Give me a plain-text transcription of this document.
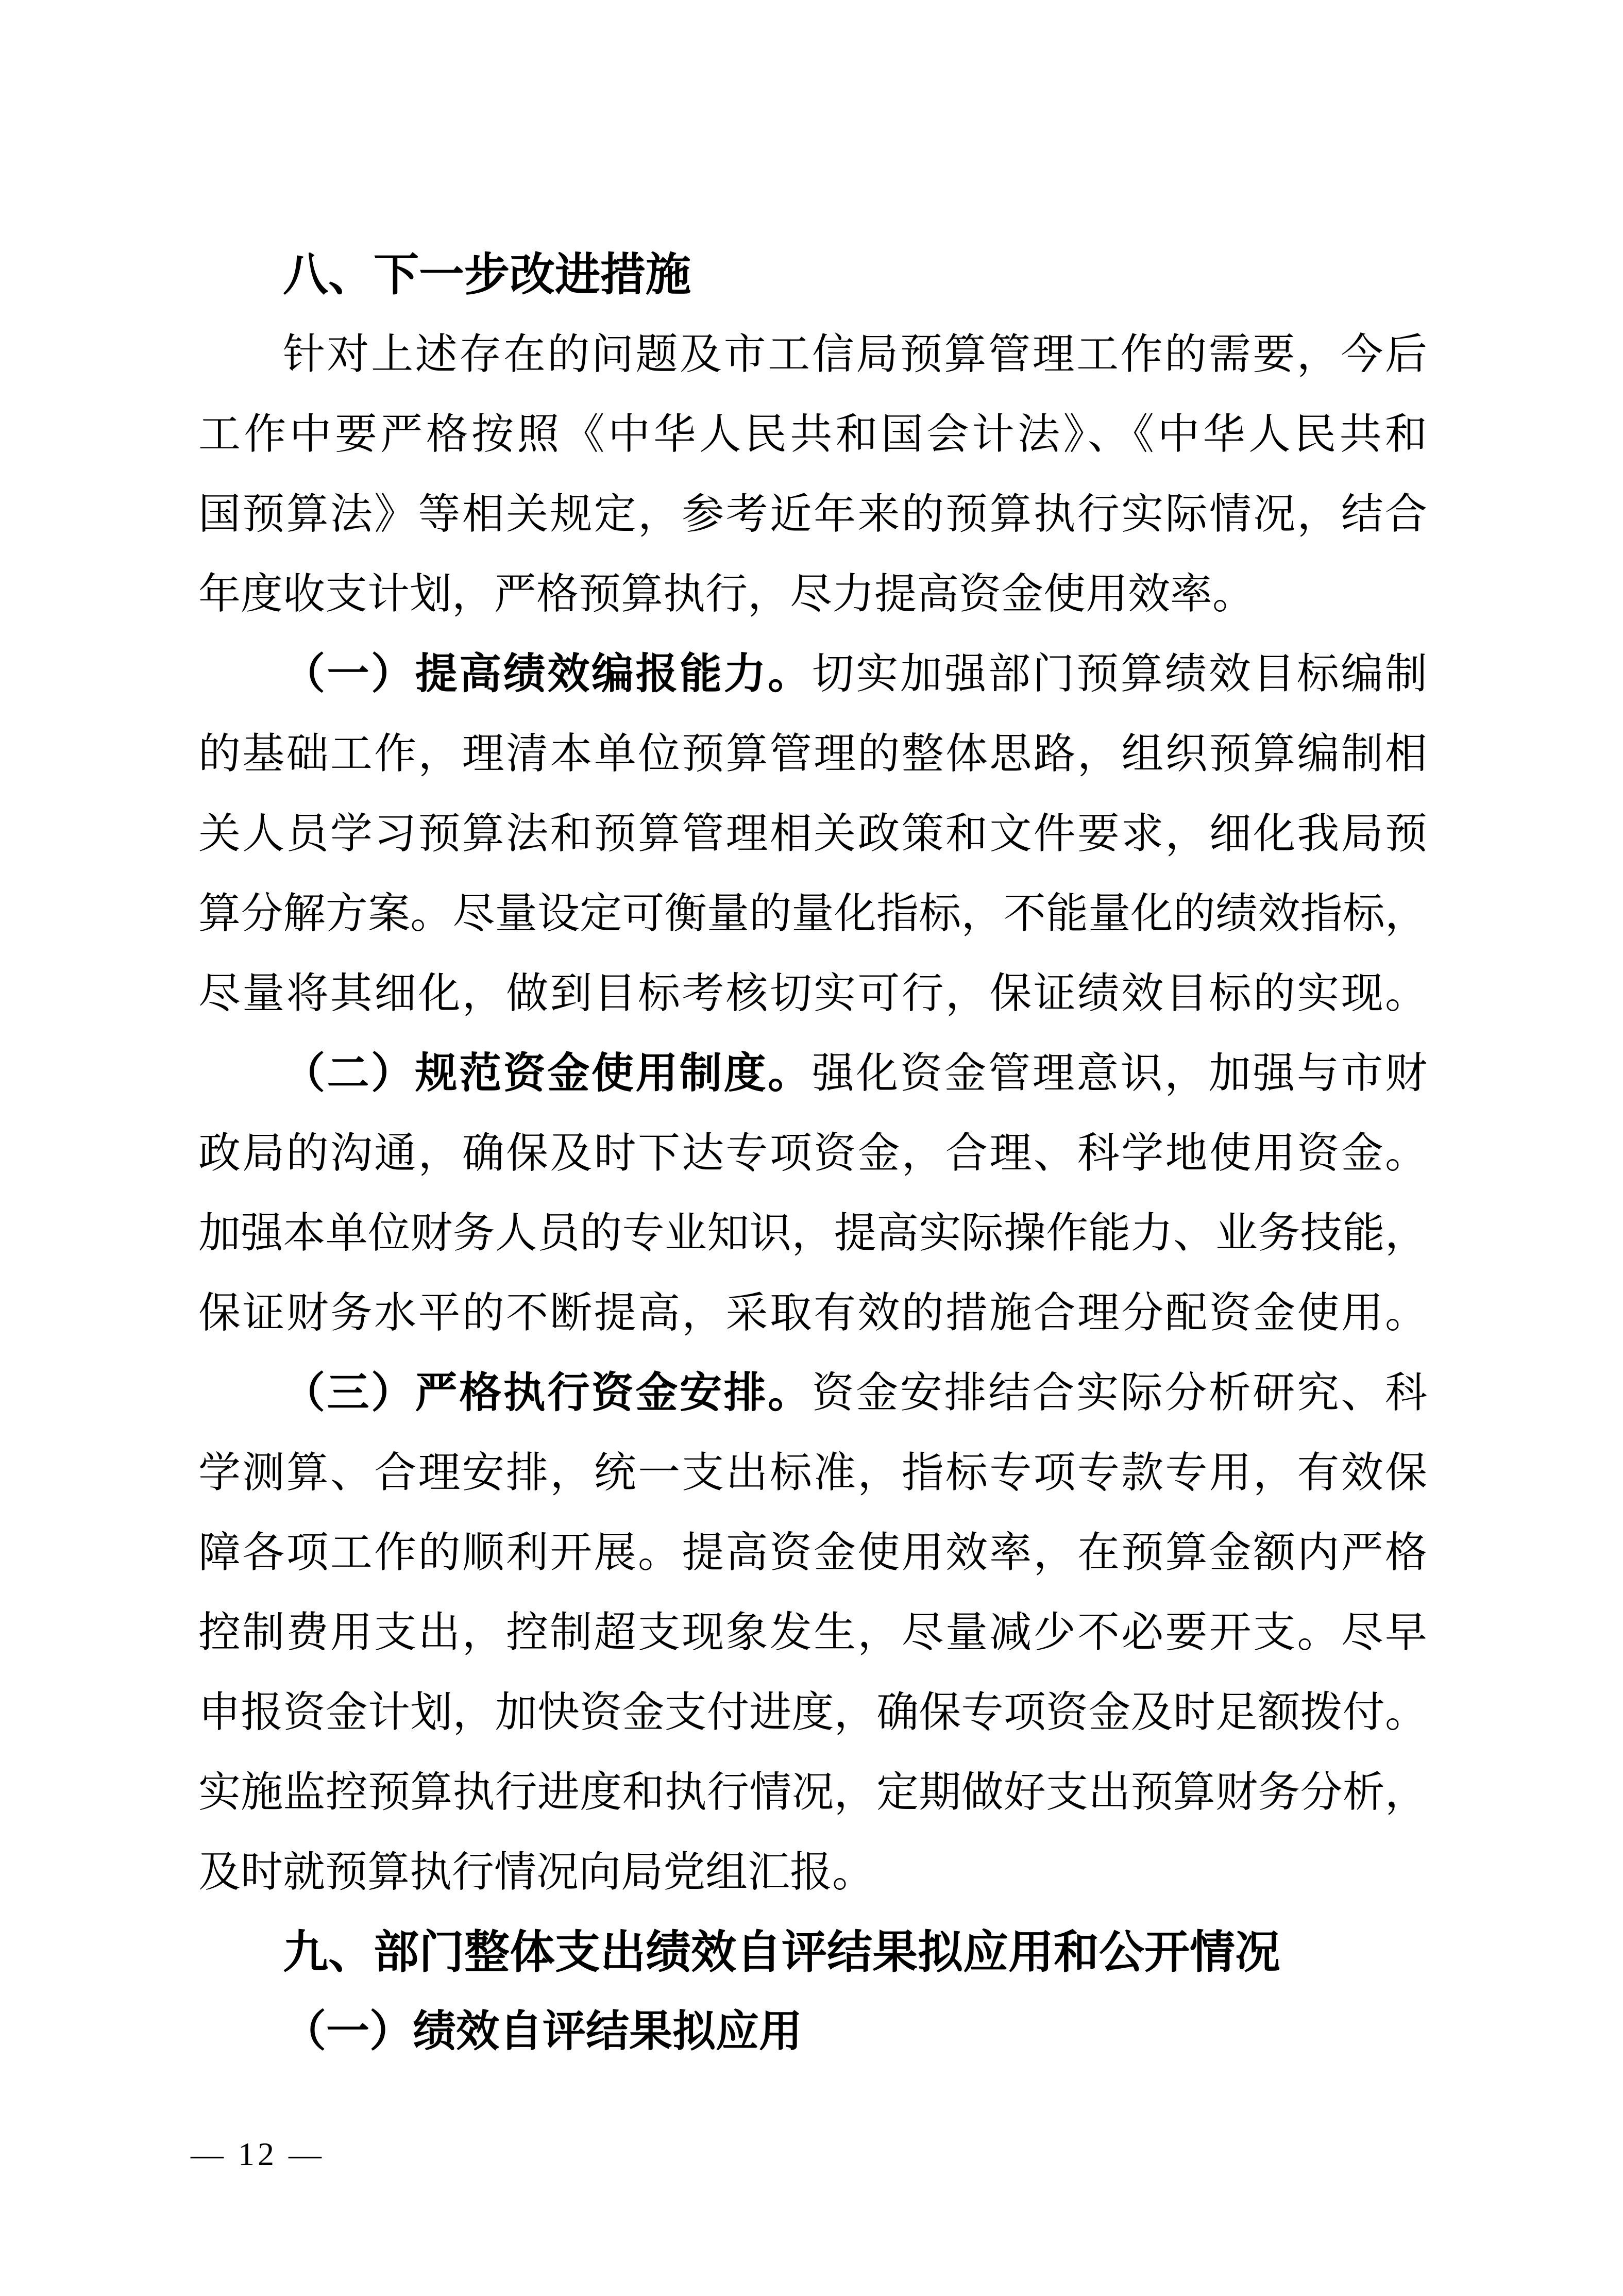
八、下一步改进措施
针对上述存在的问题及市工信局预算管理工作的需要，今后
工作中要严格按照《中华人民共和国会计法》、《中华人民共和
国预算法》等相关规定，参考近年来的预算执行实际情况，结合
年度收支计划，严格预算执行，尽力提高资金使用效率。
（一）提高绩效编报能力。切实加强部门预算绩效目标编制
的基础工作，理清本单位预算管理的整体思路，组织预算编制相
关人员学习预算法和预算管理相关政策和文件要求，细化我局预
算分解方案。尽量设定可衡量的量化指标，不能量化的绩效指标，
尽量将其细化，做到目标考核切实可行，保证绩效目标的实现。
（二）规范资金使用制度。强化资金管理意识，加强与市财
政局的沟通，确保及时下达专项资金，合理、科学地使用资金。
加强本单位财务人员的专业知识，提高实际操作能力、业务技能，
保证财务水平的不断提高，采取有效的措施合理分配资金使用。
（三）严格执行资金安排。资金安排结合实际分析研究、科
学测算、合理安排，统一支出标准，指标专项专款专用，有效保
障各项工作的顺利开展。提高资金使用效率，在预算金额内严格
控制费用支出，控制超支现象发生，尽量减少不必要开支。尽早
申报资金计划，加快资金支付进度，确保专项资金及时足额拨付。
实施监控预算执行进度和执行情况，定期做好支出预算财务分析，
及时就预算执行情况向局党组汇报。
九、部门整体支出绩效自评结果拟应用和公开情况
（一）绩效自评结果拟应用
— 12 —
